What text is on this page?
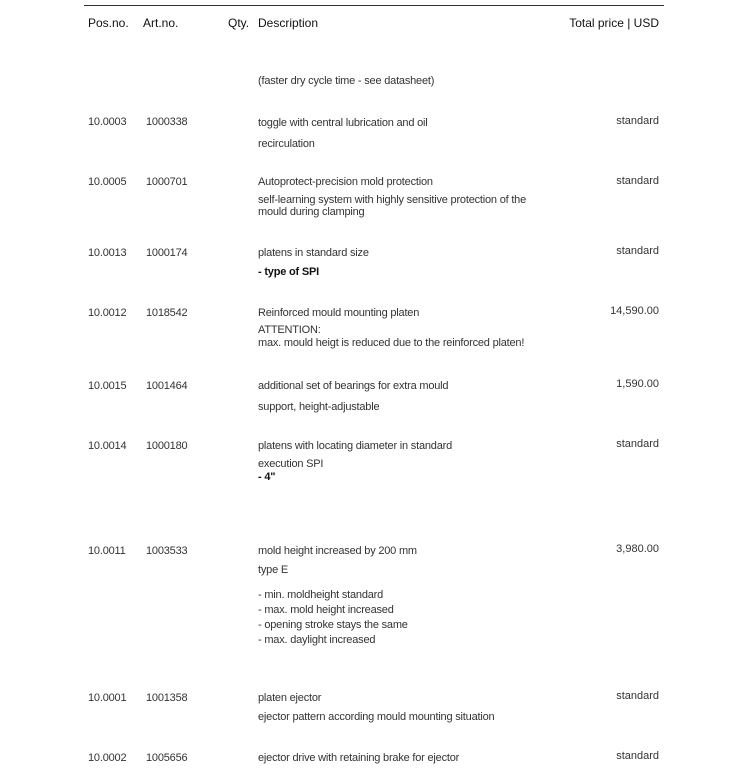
Pos.no. Art.no.	Qty. Description	Total price | USD
(faster dry cycle time - see datasheet)
10.0003 1000338	toggle with central lubrication and oil
recirculation
standard
10.0005 1000701	Autoprotect-precision mold protection
self-learning system with highly sensitive protection of the
mould during clamping
standard
10.0013 1000174	platens in standard size
- type of SPI
standard
10.0012 1018542	Reinforced mould mounting platen
ATTENTION:
max. mould heigt is reduced due to the reinforced platen!
14,590.00
10.0015 1001464	additional set of bearings for extra mould
support, height-adjustable
1,590.00
10.0014 1000180	platens with locating diameter in standard
execution SPI
- 4"
standard
10.0011 1003533	mold height increased by 200 mm
type E
- min. moldheight standard
- max. mold height increased
- opening stroke stays the same
- max. daylight increased
3,980.00
10.0001 1001358	platen ejector
ejector pattern according mould mounting situation
standard
10.0002 1005656	ejector drive with retaining brake for ejector	standard
